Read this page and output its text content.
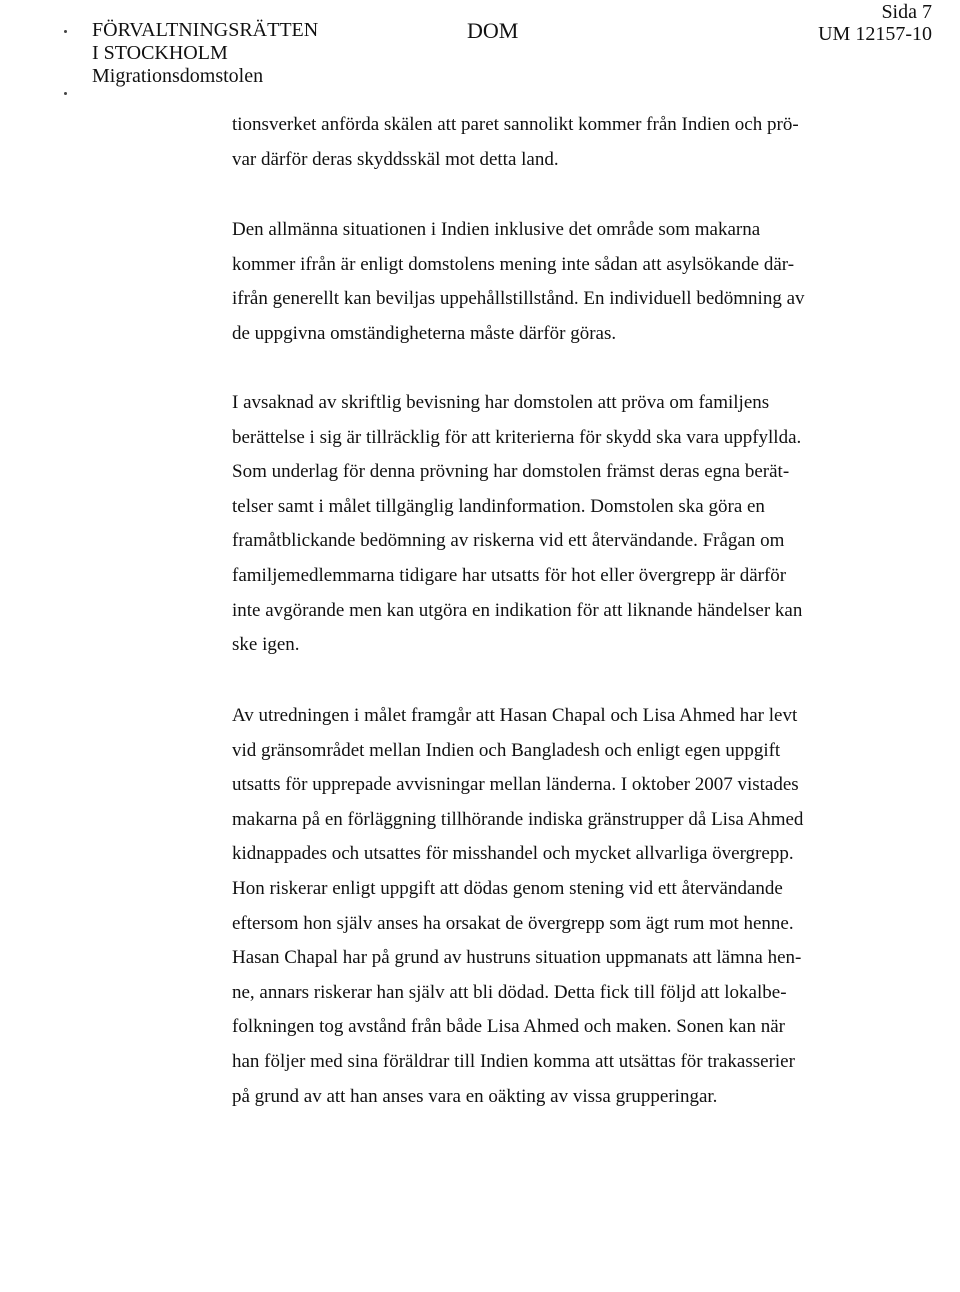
FÖRVALTNINGSRÄTTEN
I STOCKHOLM
Migrationsdomstolen
DOM
Sida 7
UM 12157-10
tionsverket anförda skälen att paret sannolikt kommer från Indien och prö-
var därför deras skyddsskäl mot detta land.
Den allmänna situationen i Indien inklusive det område som makarna
kommer ifrån är enligt domstolens mening inte sådan att asylsökande där-
ifrån generellt kan beviljas uppehållstillstånd. En individuell bedömning av
de uppgivna omständigheterna måste därför göras.
I avsaknad av skriftlig bevisning har domstolen att pröva om familjens
berättelse i sig är tillräcklig för att kriterierna för skydd ska vara uppfyllda.
Som underlag för denna prövning har domstolen främst deras egna berät-
telser samt i målet tillgänglig landinformation. Domstolen ska göra en
framåtblickande bedömning av riskerna vid ett återvändande. Frågan om
familjemedlemmarna tidigare har utsatts för hot eller övergrepp är därför
inte avgörande men kan utgöra en indikation för att liknande händelser kan
ske igen.
Av utredningen i målet framgår att Hasan Chapal och Lisa Ahmed har levt
vid gränsområdet mellan Indien och Bangladesh och enligt egen uppgift
utsatts för upprepade avvisningar mellan länderna. I oktober 2007 vistades
makarna på en förläggning tillhörande indiska gränstrupper då Lisa Ahmed
kidnappades och utsattes för misshandel och mycket allvarliga övergrepp.
Hon riskerar enligt uppgift att dödas genom stening vid ett återvändande
eftersom hon själv anses ha orsakat de övergrepp som ägt rum mot henne.
Hasan Chapal har på grund av hustruns situation uppmanats att lämna hen-
ne, annars riskerar han själv att bli dödad. Detta fick till följd att lokalbe-
folkningen tog avstånd från både Lisa Ahmed och maken. Sonen kan när
han följer med sina föräldrar till Indien komma att utsättas för trakasserier
på grund av att han anses vara en oäkting av vissa grupperingar.
